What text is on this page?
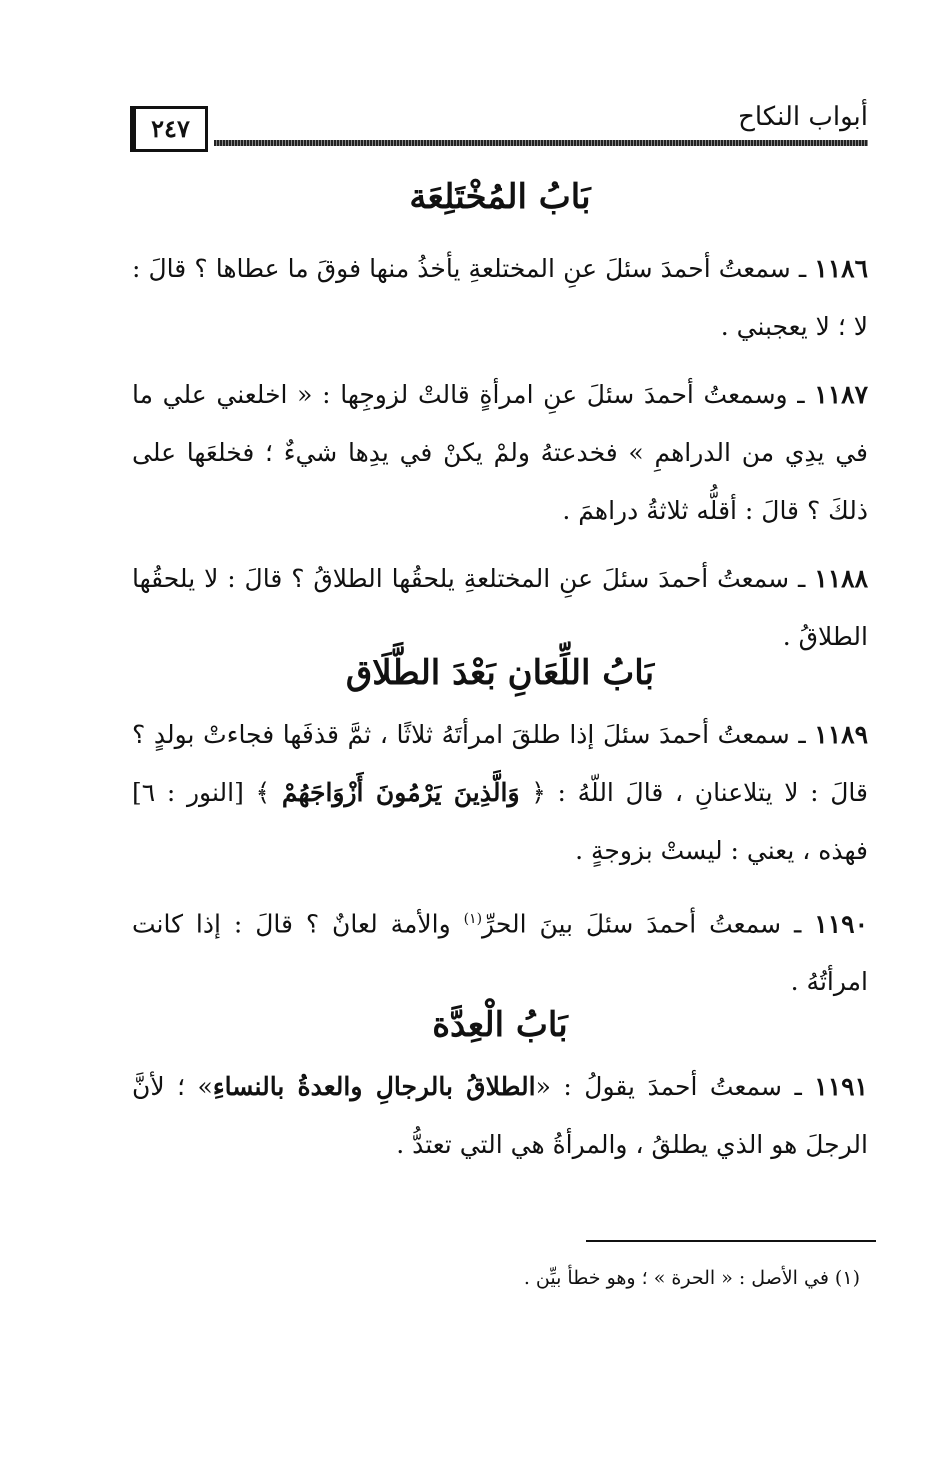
٢٤٧	أبواب النكاح
بَابُ المُخْتَلِعَة

١١٨٦ ـ سمعتُ أحمدَ سئلَ عنِ المختلعةِ يأخذُ منها فوقَ ما عطاها ؟ قالَ : لا ؛ لا يعجبني .

١١٨٧ ـ وسمعتُ أحمدَ سئلَ عنِ امرأةٍ قالتْ لزوجِها : « اخلعني علي ما في يدِي من الدراهمِ » فخدعتهُ ولمْ يكنْ في يدِها شيءٌ ؛ فخلعَها على ذلكَ ؟ قالَ : أقلُّه ثلاثةُ دراهمَ .

١١٨٨ ـ سمعتُ أحمدَ سئلَ عنِ المختلعةِ يلحقُها الطلاقُ ؟ قالَ : لا يلحقُها الطلاقُ .

بَابُ اللِّعَانِ بَعْدَ الطَّلَاق

١١٨٩ ـ سمعتُ أحمدَ سئلَ إذا طلقَ امرأتَهُ ثلاثًا ، ثمَّ قذفَها فجاءتْ بولدٍ ؟ قالَ : لا يتلاعنانِ ، قالَ اللّهُ : ﴿ وَالَّذِينَ يَرْمُونَ أَزْوَاجَهُمْ ﴾ [النور : ٦] فهذه ، يعني : ليستْ بزوجةٍ .

١١٩٠ ـ سمعتُ أحمدَ سئلَ بينَ الحرِّ$^{(١)}$ والأمة لعانٌ ؟ قالَ : إذا كانت امرأتُهُ .

بَابُ الْعِدَّة

١١٩١ ـ سمعتُ أحمدَ يقولُ : «الطلاقُ بالرجالِ والعدةُ بالنساءِ» ؛ لأنَّ الرجلَ هو الذي يطلقُ ، والمرأةُ هي التي تعتدُّ .

(١) في الأصل : « الحرة » ؛ وهو خطأ بيِّن .
